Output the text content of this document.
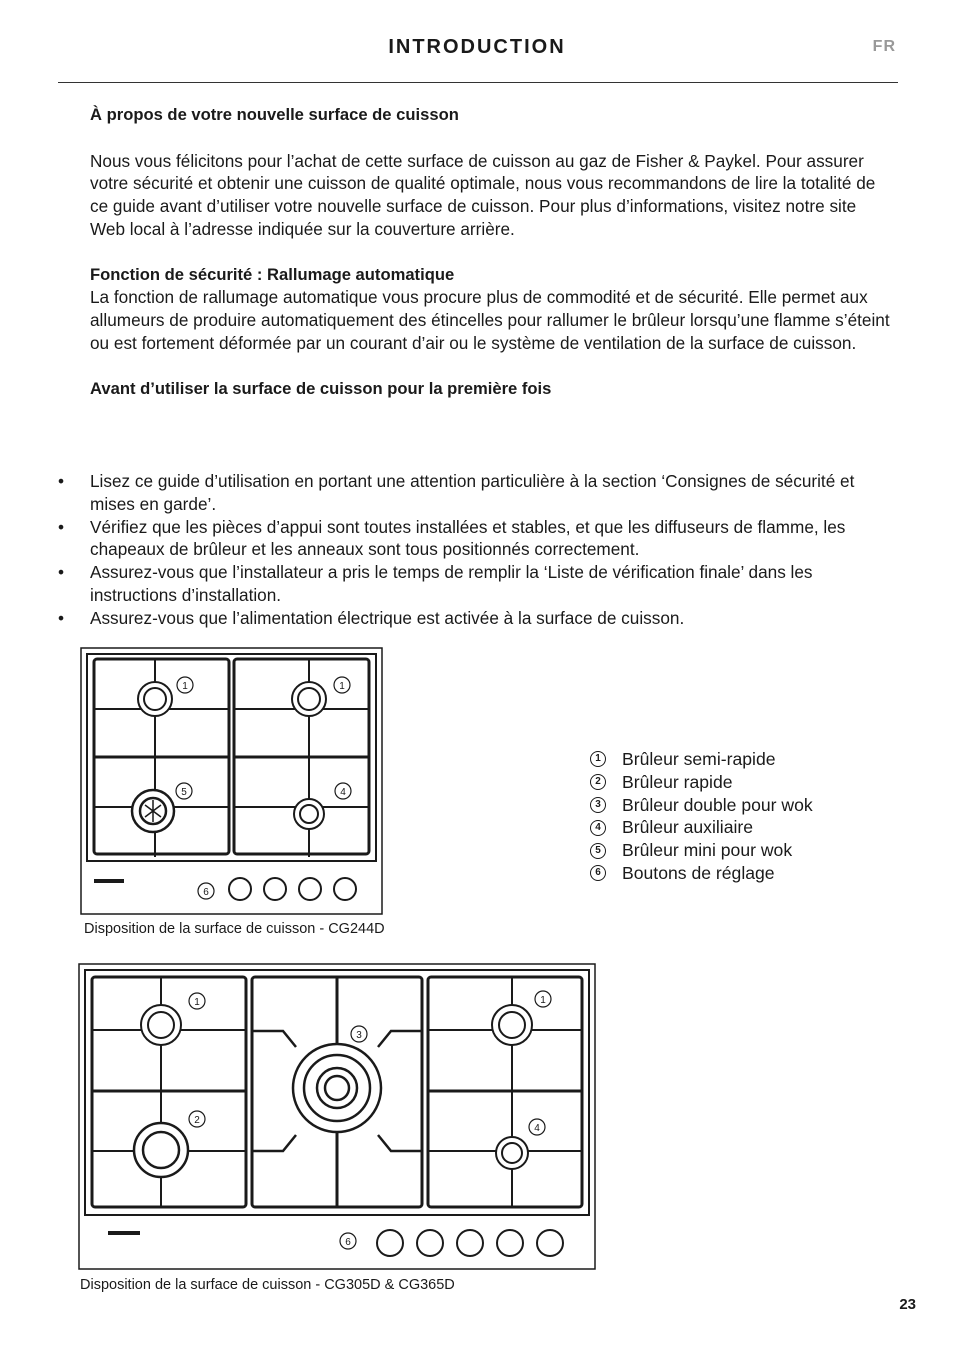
INTRODUCTION	FR

À propos de votre nouvelle surface de cuisson

Nous vous félicitons pour l’achat de cette surface de cuisson au gaz de Fisher & Paykel. Pour assurer votre sécurité et obtenir une cuisson de qualité optimale, nous vous recommandons de lire la totalité de ce guide avant d’utiliser votre nouvelle surface de cuisson. Pour plus d’informations, visitez notre site Web local à l’adresse indiquée sur la couverture arrière.

Fonction de sécurité : Rallumage automatique

La fonction de rallumage automatique vous procure plus de commodité et de sécurité. Elle permet aux allumeurs de produire automatiquement des étincelles pour rallumer le brûleur lorsqu’une flamme s’éteint ou est fortement déformée par un courant d’air ou le système de ventilation de la surface de cuisson.

Avant d’utiliser la surface de cuisson pour la première fois

• Lisez ce guide d’utilisation en portant une attention particulière à la section ‘Consignes de sécurité et mises en garde’.
• Vérifiez que les pièces d’appui sont toutes installées et stables, et que les diffuseurs de flamme, les chapeaux de brûleur et les anneaux sont tous positionnés correctement.
• Assurez-vous que l’installateur a pris le temps de remplir la ‘Liste de vérification finale’ dans les instructions d’installation.
• Assurez-vous que l’alimentation électrique est activée à la surface de cuisson.
1	1
5	4
6
Disposition de la surface de cuisson - CG244D
1 Brûleur semi-rapide
2 Brûleur rapide
3 Brûleur double pour wok
4 Brûleur auxiliaire
5 Brûleur mini pour wok
6 Boutons de réglage
1	1
3
2
4
6
Disposition de la surface de cuisson - CG305D & CG365D
23
